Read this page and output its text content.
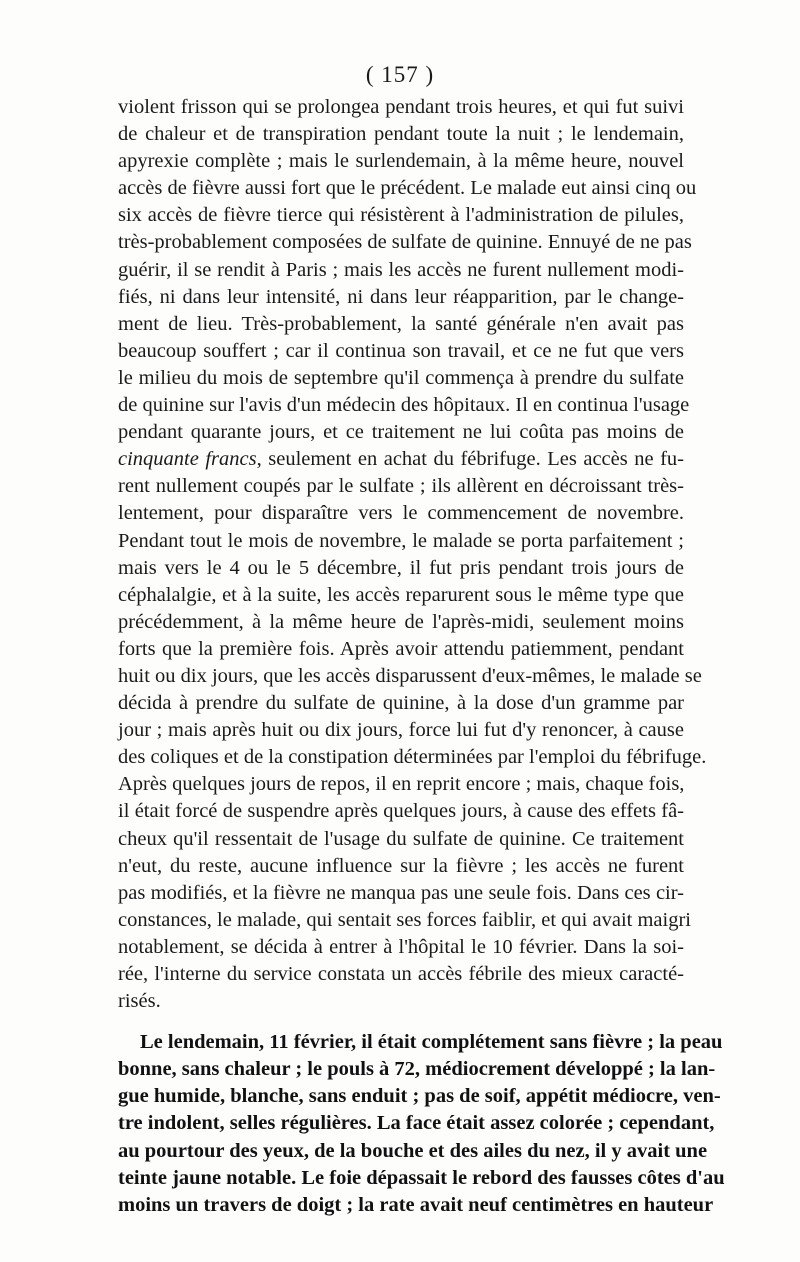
( 157 )
violent frisson qui se prolongea pendant trois heures, et qui fut suivi
de chaleur et de transpiration pendant toute la nuit ; le lendemain,
apyrexie complète ; mais le surlendemain, à la même heure, nouvel
accès de fièvre aussi fort que le précédent. Le malade eut ainsi cinq ou
six accès de fièvre tierce qui résistèrent à l'administration de pilules,
très-probablement composées de sulfate de quinine. Ennuyé de ne pas
guérir, il se rendit à Paris ; mais les accès ne furent nullement modi-
fiés, ni dans leur intensité, ni dans leur réapparition, par le change-
ment de lieu. Très-probablement, la santé générale n'en avait pas
beaucoup souffert ; car il continua son travail, et ce ne fut que vers
le milieu du mois de septembre qu'il commença à prendre du sulfate
de quinine sur l'avis d'un médecin des hôpitaux. Il en continua l'usage
pendant quarante jours, et ce traitement ne lui coûta pas moins de
cinquante francs, seulement en achat du fébrifuge. Les accès ne fu-
rent nullement coupés par le sulfate ; ils allèrent en décroissant très-
lentement, pour disparaître vers le commencement de novembre.
Pendant tout le mois de novembre, le malade se porta parfaitement ;
mais vers le 4 ou le 5 décembre, il fut pris pendant trois jours de
céphalalgie, et à la suite, les accès reparurent sous le même type que
précédemment, à la même heure de l'après-midi, seulement moins
forts que la première fois. Après avoir attendu patiemment, pendant
huit ou dix jours, que les accès disparussent d'eux-mêmes, le malade se
décida à prendre du sulfate de quinine, à la dose d'un gramme par
jour ; mais après huit ou dix jours, force lui fut d'y renoncer, à cause
des coliques et de la constipation déterminées par l'emploi du fébrifuge.
Après quelques jours de repos, il en reprit encore ; mais, chaque fois,
il était forcé de suspendre après quelques jours, à cause des effets fâ-
cheux qu'il ressentait de l'usage du sulfate de quinine. Ce traitement
n'eut, du reste, aucune influence sur la fièvre ; les accès ne furent
pas modifiés, et la fièvre ne manqua pas une seule fois. Dans ces cir-
constances, le malade, qui sentait ses forces faiblir, et qui avait maigri
notablement, se décida à entrer à l'hôpital le 10 février. Dans la soi-
rée, l'interne du service constata un accès fébrile des mieux caracté-
risés.
Le lendemain, 11 février, il était complétement sans fièvre ; la peau
bonne, sans chaleur ; le pouls à 72, médiocrement développé ; la lan-
gue humide, blanche, sans enduit ; pas de soif, appétit médiocre, ven-
tre indolent, selles régulières. La face était assez colorée ; cependant,
au pourtour des yeux, de la bouche et des ailes du nez, il y avait une
teinte jaune notable. Le foie dépassait le rebord des fausses côtes d'au
moins un travers de doigt ; la rate avait neuf centimètres en hauteur
